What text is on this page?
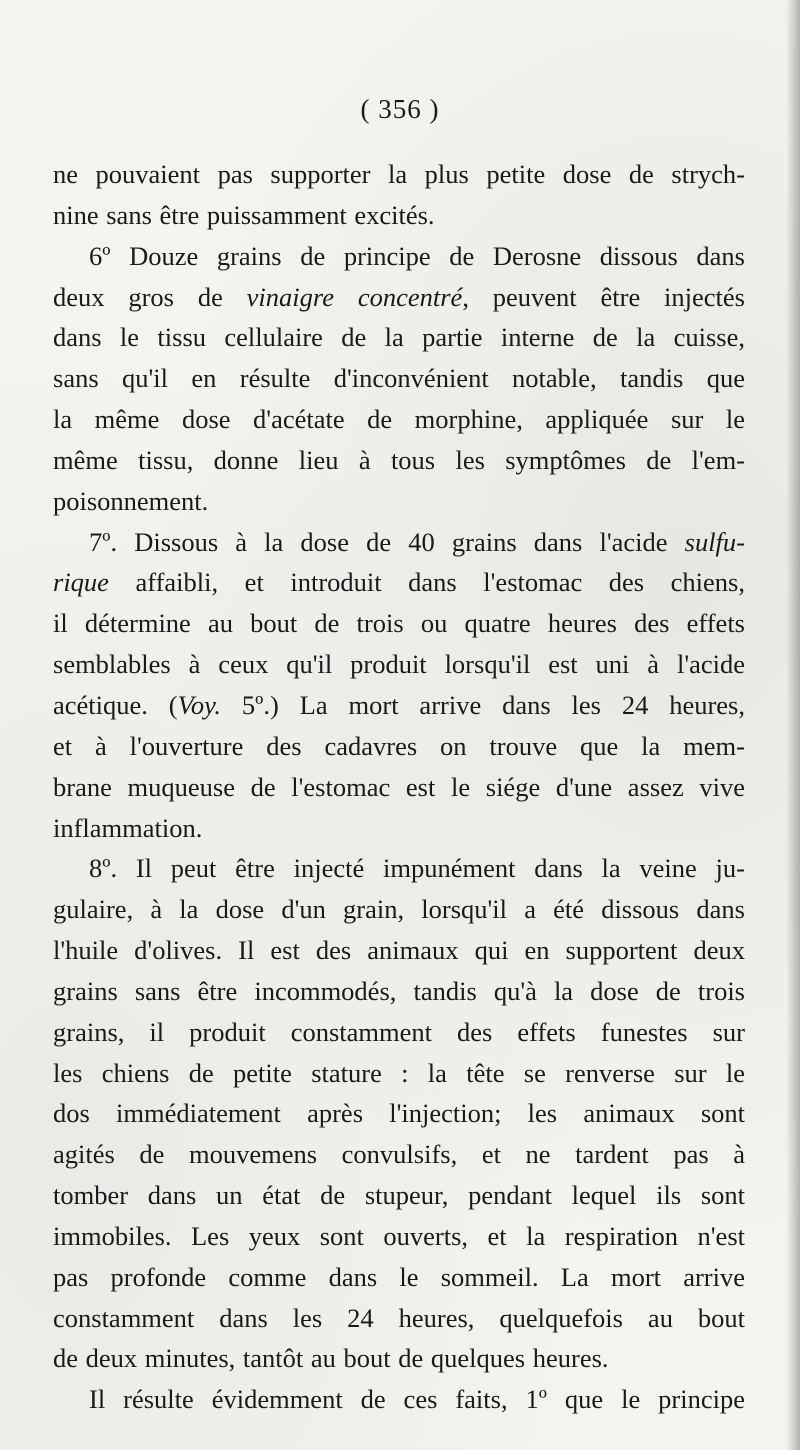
( 356 )
ne pouvaient pas supporter la plus petite dose de strych-
nine sans être puissamment excités.
6º Douze grains de principe de Derosne dissous dans
deux gros de vinaigre concentré, peuvent être injectés
dans le tissu cellulaire de la partie interne de la cuisse,
sans qu'il en résulte d'inconvénient notable, tandis que
la même dose d'acétate de morphine, appliquée sur le
même tissu, donne lieu à tous les symptômes de l'em-
poisonnement.
7º. Dissous à la dose de 40 grains dans l'acide sulfu-
rique affaibli, et introduit dans l'estomac des chiens,
il détermine au bout de trois ou quatre heures des effets
semblables à ceux qu'il produit lorsqu'il est uni à l'acide
acétique. (Voy. 5º.) La mort arrive dans les 24 heures,
et à l'ouverture des cadavres on trouve que la mem-
brane muqueuse de l'estomac est le siége d'une assez vive
inflammation.
8º. Il peut être injecté impunément dans la veine ju-
gulaire, à la dose d'un grain, lorsqu'il a été dissous dans
l'huile d'olives. Il est des animaux qui en supportent deux
grains sans être incommodés, tandis qu'à la dose de trois
grains, il produit constamment des effets funestes sur
les chiens de petite stature : la tête se renverse sur le
dos immédiatement après l'injection; les animaux sont
agités de mouvemens convulsifs, et ne tardent pas à
tomber dans un état de stupeur, pendant lequel ils sont
immobiles. Les yeux sont ouverts, et la respiration n'est
pas profonde comme dans le sommeil. La mort arrive
constamment dans les 24 heures, quelquefois au bout
de deux minutes, tantôt au bout de quelques heures.
Il résulte évidemment de ces faits, 1º que le principe
